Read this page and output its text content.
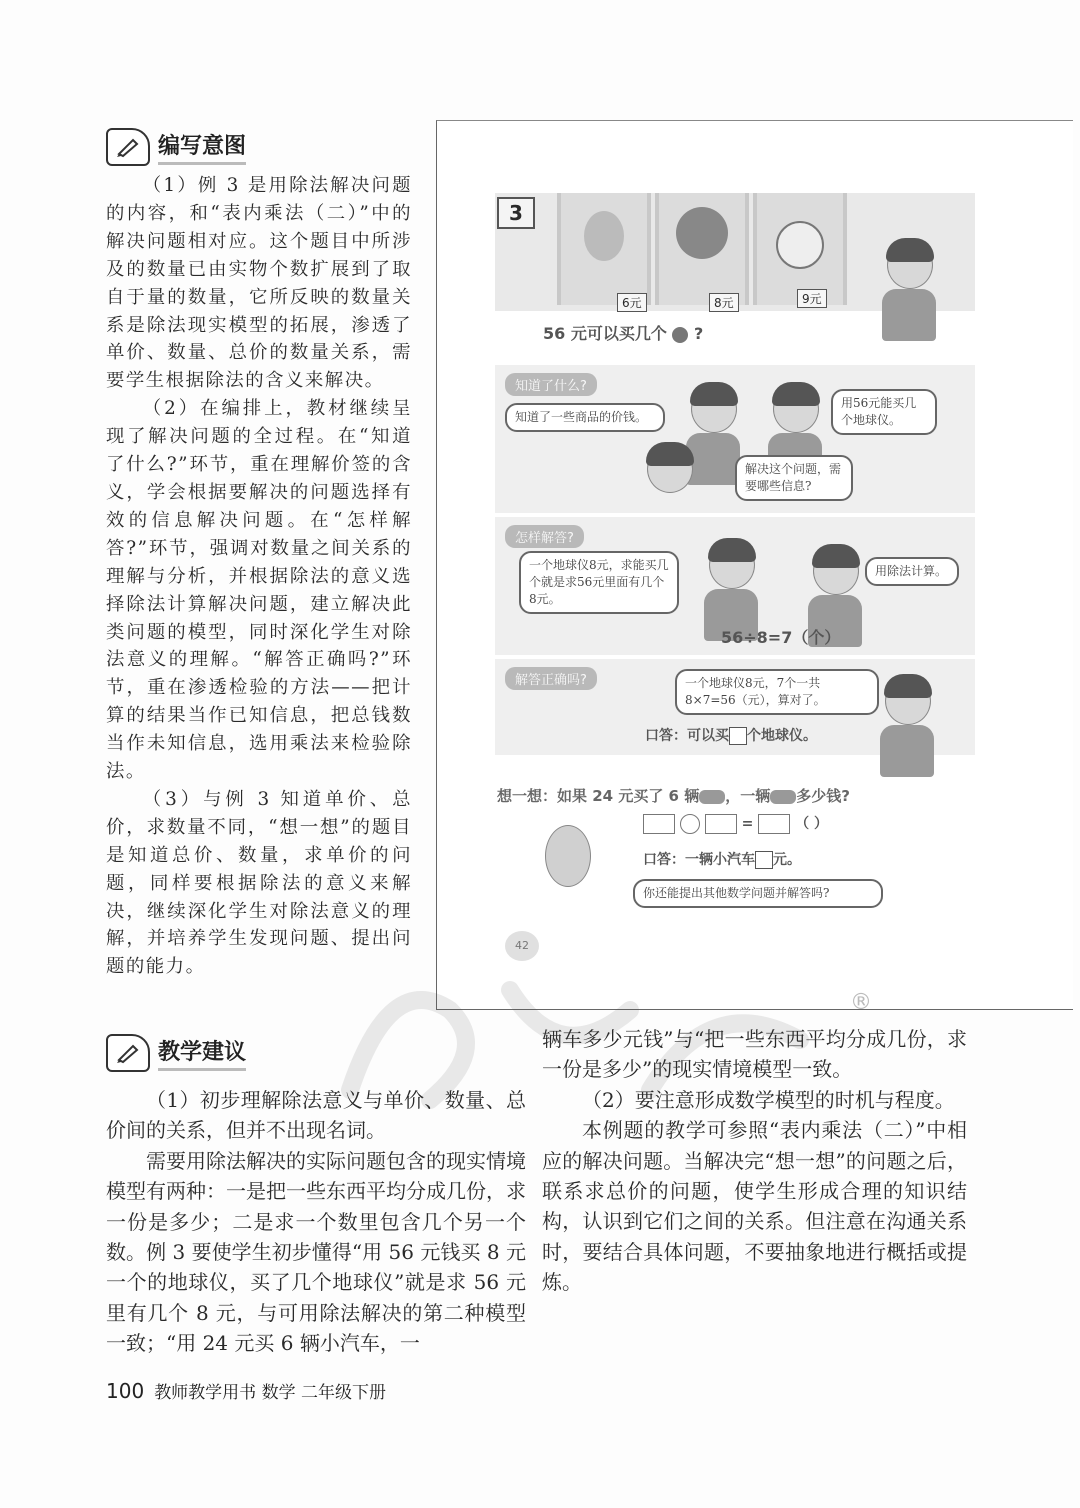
编写意图

（1）例 3 是用除法解决问题的内容，和“表内乘法（二）”中的解决问题相对应。这个题目中所涉及的数量已由实物个数扩展到了取自于量的数量，它所反映的数量关系是除法现实模型的拓展，渗透了单价、数量、总价的数量关系，需要学生根据除法的含义来解决。

（2）在编排上，教材继续呈现了解决问题的全过程。在“知道了什么?”环节，重在理解价签的含义，学会根据要解决的问题选择有效的信息解决问题。在“怎样解答?”环节，强调对数量之间关系的理解与分析，并根据除法的意义选择除法计算解决问题，建立解决此类问题的模型，同时深化学生对除法意义的理解。“解答正确吗?”环节，重在渗透检验的方法——把计算的结果当作已知信息，把总钱数当作未知信息，选用乘法来检验除法。

（3）与例 3 知道单价、总价，求数量不同，“想一想”的题目是知道总价、数量，求单价的问题，同样要根据除法的意义来解决，继续深化学生对除法意义的理解，并培养学生发现问题、提出问题的能力。

3
6元	8元	9元
56 元可以买几个  ?
知道了什么?
知道了一些商品的价钱。
用56元能买几个地球仪。
解决这个问题，需要哪些信息?
怎样解答?
一个地球仪8元，求能买几个就是求56元里面有几个8元。
用除法计算。
56÷8=7（个）
解答正确吗?	一个地球仪8元，7个一共8×7=56（元），算对了。
口答：可以买 个地球仪。
想一想：如果 24 元买了 6 辆 ，一辆 多少钱?
=	（ ）
口答：一辆小汽车 元。
你还能提出其他数学问题并解答吗?
42
®
教学建议

（1）初步理解除法意义与单价、数量、总价间的关系，但并不出现名词。

需要用除法解决的实际问题包含的现实情境模型有两种：一是把一些东西平均分成几份，求一份是多少；二是求一个数里包含几个另一个数。例 3 要使学生初步懂得“用 56 元钱买 8 元一个的地球仪，买了几个地球仪”就是求 56 元里有几个 8 元，与可用除法解决的第二种模型一致；“用 24 元买 6 辆小汽车，一

辆车多少元钱”与“把一些东西平均分成几份，求一份是多少”的现实情境模型一致。

（2）要注意形成数学模型的时机与程度。

本例题的教学可参照“表内乘法（二）”中相应的解决问题。当解决完“想一想”的问题之后，联系求总价的问题，使学生形成合理的知识结构，认识到它们之间的关系。但注意在沟通关系时，要结合具体问题，不要抽象地进行概括或提炼。

100 教师教学用书 数学 二年级下册
